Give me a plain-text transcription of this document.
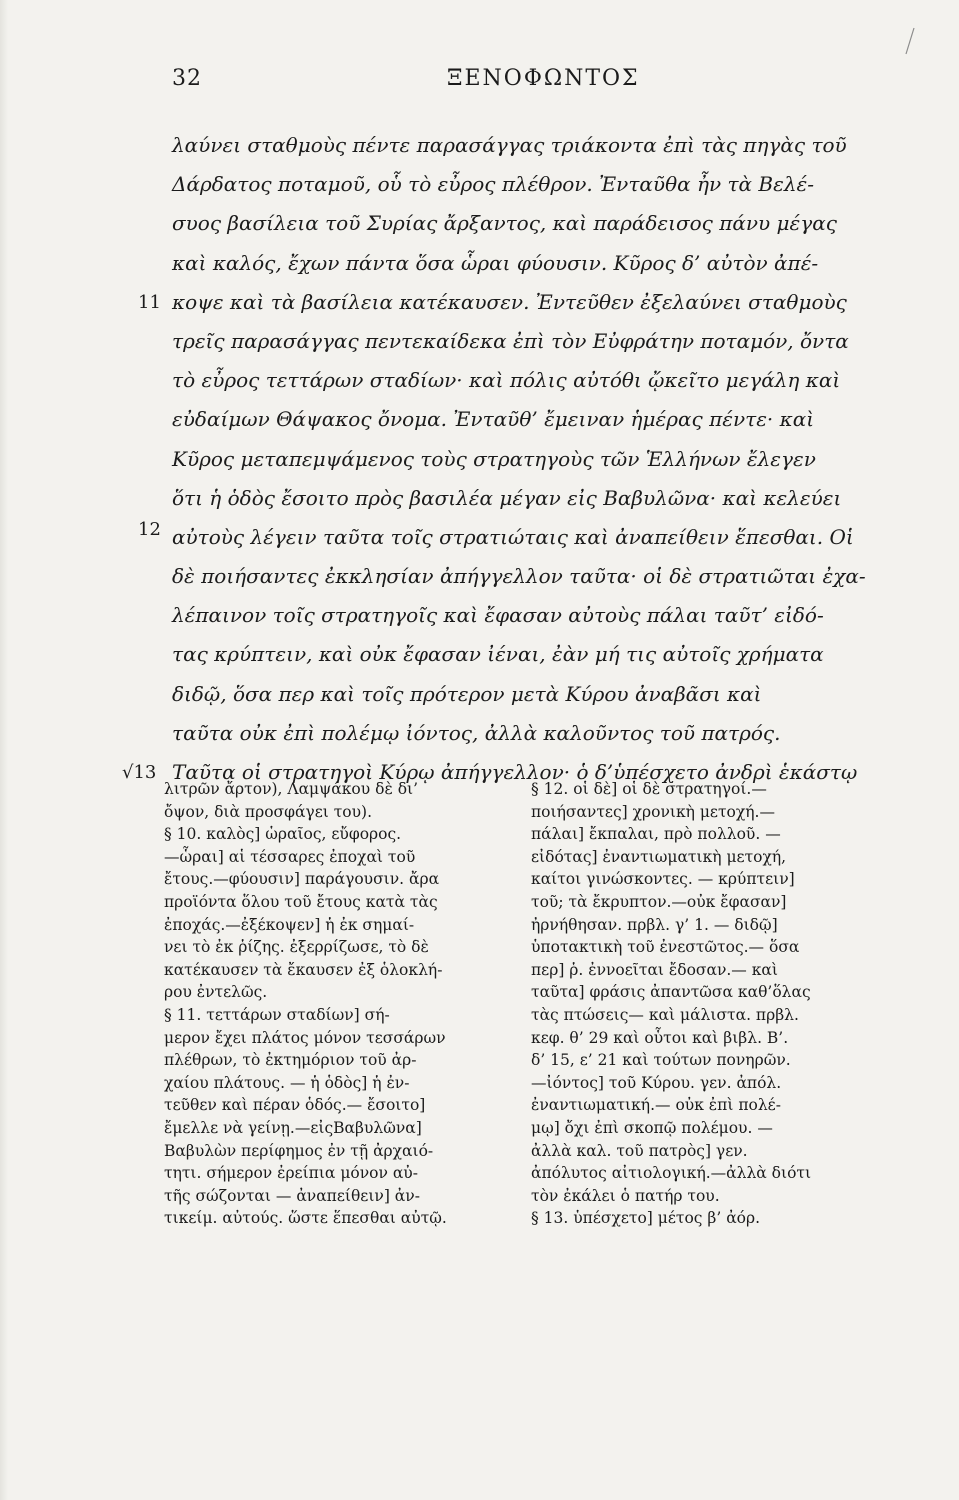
32	ΞΕΝΟΦΩΝΤΟΣ
λαύνει σταθμοὺς πέντε παρασάγγας τριάκοντα ἐπὶ τὰς πηγὰς τοῦ
Δάρδατος ποταμοῦ, οὗ τὸ εὖρος πλέθρον. Ἐνταῦθα ἦν τὰ Βελέ-
συος βασίλεια τοῦ Συρίας ἄρξαντος, καὶ παράδεισος πάνυ μέγας
καὶ καλός, ἔχων πάντα ὅσα ὧραι φύουσιν. Κῦρος δ’ αὐτὸν ἀπέ-
11 κοψε καὶ τὰ βασίλεια κατέκαυσεν. Ἐντεῦθεν ἐξελαύνει σταθμοὺς
τρεῖς παρασάγγας πεντεκαίδεκα ἐπὶ τὸν Εὐφράτην ποταμόν, ὄντα
τὸ εὖρος τεττάρων σταδίων· καὶ πόλις αὐτόθι ᾤκεῖτο μεγάλη καὶ
εὐδαίμων Θάψακος ὄνομα. Ἐνταῦθ’ ἔμειναν ἡμέρας πέντε· καὶ
Κῦρος μεταπεμψάμενος τοὺς στρατηγοὺς τῶν Ἑλλήνων ἔλεγεν
ὅτι ἡ ὁδὸς ἔσοιτο πρὸς βασιλέα μέγαν εἰς Βαβυλῶνα· καὶ κελεύει
12 αὐτοὺς λέγειν ταῦτα τοῖς στρατιώταις καὶ ἀναπείθειν ἕπεσθαι. Οἱ
δὲ ποιήσαντες ἐκκλησίαν ἀπήγγελλον ταῦτα· οἱ δὲ στρατιῶται ἐχα-
λέπαινον τοῖς στρατηγοῖς καὶ ἔφασαν αὐτοὺς πάλαι ταῦτ’ εἰδό-
τας κρύπτειν, καὶ οὐκ ἔφασαν ἰέναι, ἐὰν μή τις αὐτοῖς χρήματα
διδῷ, ὅσα περ καὶ τοῖς πρότερον μετὰ Κύρου ἀναβᾶσι καὶ
ταῦτα οὐκ ἐπὶ πολέμῳ ἰόντος, ἀλλὰ καλοῦντος τοῦ πατρός.
√13 Ταῦτα οἱ στρατηγοὶ Κύρῳ ἀπήγγελλον· ὁ δ’ὑπέσχετο ἀνδρὶ ἑκάστῳ
λιτρῶν ἄρτον), Λαμψάκου δὲ δι’
ὄψον, διὰ προσφάγει του).
§ 10. καλὸς] ὡραῖος, εὔφορος.
—ὧραι] αἱ τέσσαρες ἐποχαὶ τοῦ
ἔτους.—φύουσιν] παράγουσιν. ἄρα
προϊόντα ὅλου τοῦ ἔτους κατὰ τὰς
ἐποχάς.—ἐξέκοψεν] ἡ ἐκ σημαί-
νει τὸ ἐκ ῥίζης. ἐξερρίζωσε, τὸ δὲ
κατέκαυσεν τὰ ἔκαυσεν ἐξ ὁλοκλή-
ρου ἐντελῶς.
§ 11. τεττάρων σταδίων] σή-
μερον ἔχει πλάτος μόνον τεσσάρων
πλέθρων, τὸ ἐκτημόριον τοῦ ἀρ-
χαίου πλάτους. — ἡ ὁδὸς] ἡ ἐν-
τεῦθεν καὶ πέραν ὁδός.— ἔσοιτο]
ἔμελλε νὰ γείνῃ.—εἰςΒαβυλῶνα]
Βαβυλὼν περίφημος ἐν τῇ ἀρχαιό-
τητι. σήμερον ἐρείπια μόνον αὐ-
τῆς σώζονται — ἀναπείθειν] ἀν-
τικείμ. αὐτούς. ὥστε ἕπεσθαι αὐτῷ.
§ 12. οἱ δὲ] οἱ δὲ στρατηγοί.—
ποιήσαντες] χρονικὴ μετοχή.—
πάλαι] ἔκπαλαι, πρὸ πολλοῦ. —
εἰδότας] ἐναντιωματικὴ μετοχή,
καίτοι γινώσκοντες. — κρύπτειν]
τοῦ; τὰ ἔκρυπτον.—οὐκ ἔφασαν]
ἠρνήθησαν. πρβλ. γ’ 1. — διδῷ]
ὑποτακτικὴ τοῦ ἐνεστῶτος.— ὅσα
περ] ῥ. ἐννοεῖται ἔδοσαν.— καὶ
ταῦτα] φράσις ἀπαντῶσα καθ’ὅλας
τὰς πτώσεις— καὶ μάλιστα. πρβλ.
κεφ. θ’ 29 καὶ οὗτοι καὶ βιβλ. Β’.
δ’ 15, ε’ 21 καὶ τούτων πονηρῶν.
—ἰόντος] τοῦ Κύρου. γεν. ἀπόλ.
ἐναντιωματική.— οὐκ ἐπὶ πολέ-
μῳ] ὄχι ἐπὶ σκοπῷ πολέμου. —
ἀλλὰ καλ. τοῦ πατρὸς] γεν.
ἀπόλυτος αἰτιολογική.—ἀλλὰ διότι
τὸν ἐκάλει ὁ πατήρ του.
§ 13. ὑπέσχετο] μέτος β’ ἀόρ.
